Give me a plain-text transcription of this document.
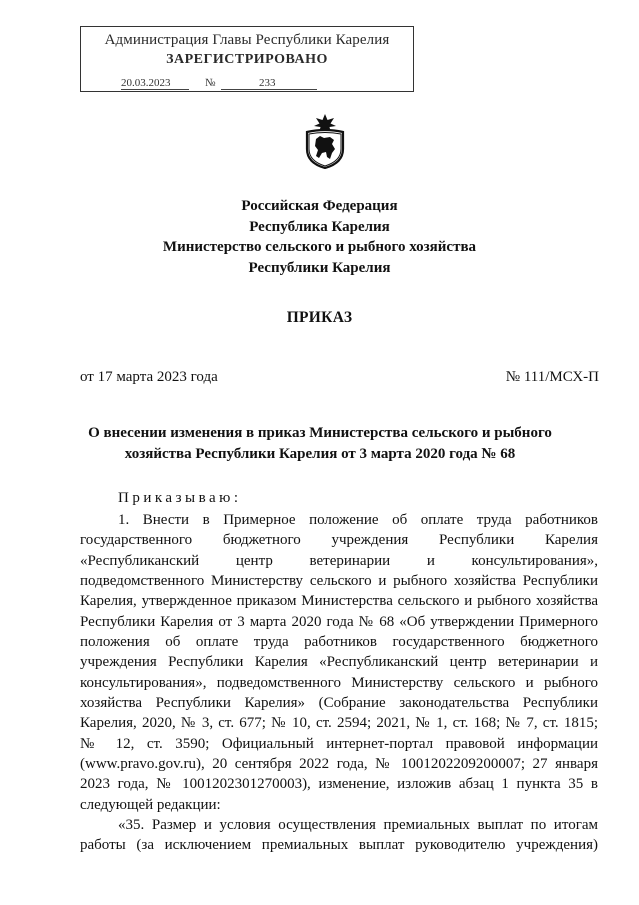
Администрация Главы Республики Карелия
ЗАРЕГИСТРИРОВАНО
20.03.2023	№	233
Российская Федерация
Республика Карелия
Министерство сельского и рыбного хозяйства
Республики Карелия
ПРИКАЗ
от 17 марта 2023 года	№ 111/МСХ-П
О внесении изменения в приказ Министерства сельского и рыбного
хозяйства Республики Карелия от 3 марта 2020 года № 68
Приказываю:
1. Внести в Примерное положение об оплате труда работников
государственного бюджетного учреждения Республики Карелия
«Республиканский центр ветеринарии и консультирования»,
подведомственного Министерству сельского и рыбного хозяйства Республики
Карелия, утвержденное приказом Министерства сельского и рыбного хозяйства
Республики Карелия от 3 марта 2020 года № 68 «Об утверждении Примерного
положения об оплате труда работников государственного бюджетного
учреждения Республики Карелия «Республиканский центр ветеринарии и
консультирования», подведомственного Министерству сельского и рыбного
хозяйства Республики Карелия» (Собрание законодательства Республики
Карелия, 2020, № 3, ст. 677; № 10, ст. 2594; 2021, № 1, ст. 168; № 7, ст. 1815;
№ 12, ст. 3590; Официальный интернет-портал правовой информации
(www.pravo.gov.ru), 20 сентября 2022 года, № 1001202209200007; 27 января
2023 года, № 1001202301270003), изменение, изложив абзац 1 пункта 35 в
следующей редакции:
«35. Размер и условия осуществления премиальных выплат по итогам
работы (за исключением премиальных выплат руководителю учреждения)
